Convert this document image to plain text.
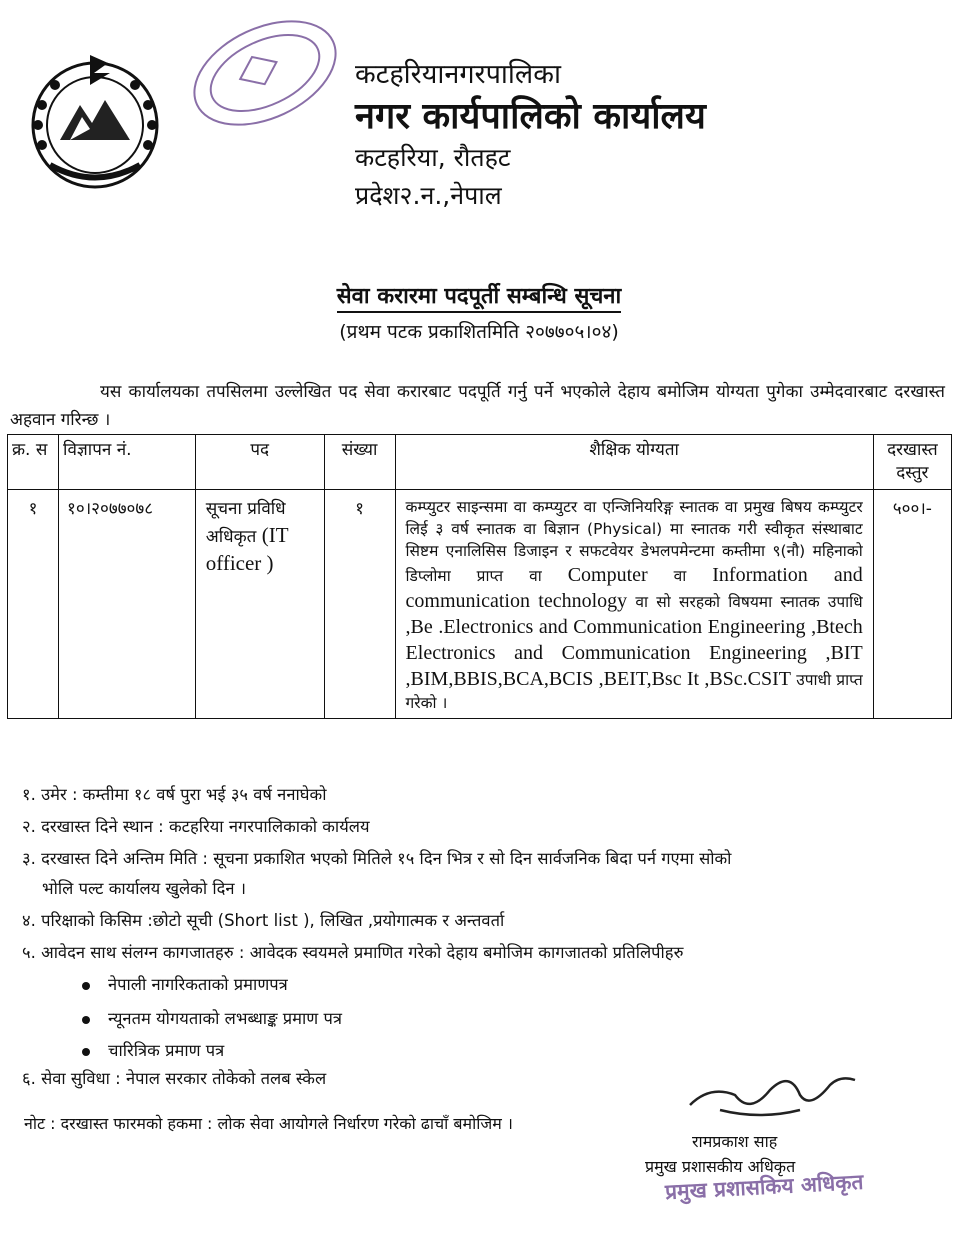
कटहरियानगरपालिका
नगर कार्यपालिको कार्यालय
कटहरिया, रौतहट
प्रदेश२.न.,नेपाल
सेवा करारमा पदपूर्ती सम्बन्धि सूचना
(प्रथम पटक प्रकाशितमिति २०७७०५।०४)
यस कार्यालयका तपसिलमा उल्लेखित पद सेवा करारबाट पदपूर्ति गर्नु पर्ने भएकोले देहाय बमोजिम योग्यता पुगेका उम्मेदवारबाट दरखास्त अहवान गरिन्छ ।
क्र. स	विज्ञापन नं.	पद	संख्या	शैक्षिक योग्यता	दरखास्त दस्तुर
१	१०।२०७७०७८	सूचना प्रविधि अधिकृत (IT officer )	१	कम्प्युटर साइन्समा वा कम्प्युटर वा एन्जिनियरिङ्ग स्नातक वा प्रमुख बिषय कम्प्युटर लिई ३ वर्ष स्नातक वा बिज्ञान (Physical) मा स्नातक गरी स्वीकृत संस्थाबाट सिष्टम एनालिसिस डिजाइन र सफटवेयर डेभलपमेन्टमा कम्तीमा ९(नौ) महिनाको डिप्लोमा प्राप्त वा Computer वा Information and communication technology वा सो सरहको विषयमा स्नातक उपाधि ,Be .Electronics and Communication Engineering ,Btech Electronics and Communication Engineering ,BIT ,BIM,BBIS,BCA,BCIS ,BEIT,Bsc It ,BSc.CSIT उपाधी प्राप्त गरेको ।	५००।-
१. उमेर : कम्तीमा १८ वर्ष पुरा भई ३५ वर्ष ननाघेको
२. दरखास्त दिने स्थान : कटहरिया नगरपालिकाको कार्यलय
३. दरखास्त दिने अन्तिम मिति : सूचना प्रकाशित भएको मितिले १५ दिन भित्र र सो दिन सार्वजनिक बिदा पर्न गएमा सोको
भोलि पल्ट कार्यालय खुलेको दिन ।
४. परिक्षाको किसिम :छोटो सूची (Short list ), लिखित ,प्रयोगात्मक र अन्तवर्ता
५. आवेदन साथ संलग्न कागजातहरु : आवेदक स्वयमले प्रमाणित गरेको देहाय बमोजिम कागजातको प्रतिलिपीहरु
नेपाली नागरिकताको प्रमाणपत्र
न्यूनतम योगयताको लभब्धाङ्क प्रमाण पत्र
चारित्रिक प्रमाण पत्र
६. सेवा सुविधा : नेपाल सरकार तोकेको तलब स्केल
नोट : दरखास्त फारमको हकमा : लोक सेवा आयोगले निर्धारण गरेको ढाचाँ बमोजिम ।
रामप्रकाश साह
प्रमुख प्रशासकीय अधिकृत
प्रमुख प्रशासकिय अधिकृत
